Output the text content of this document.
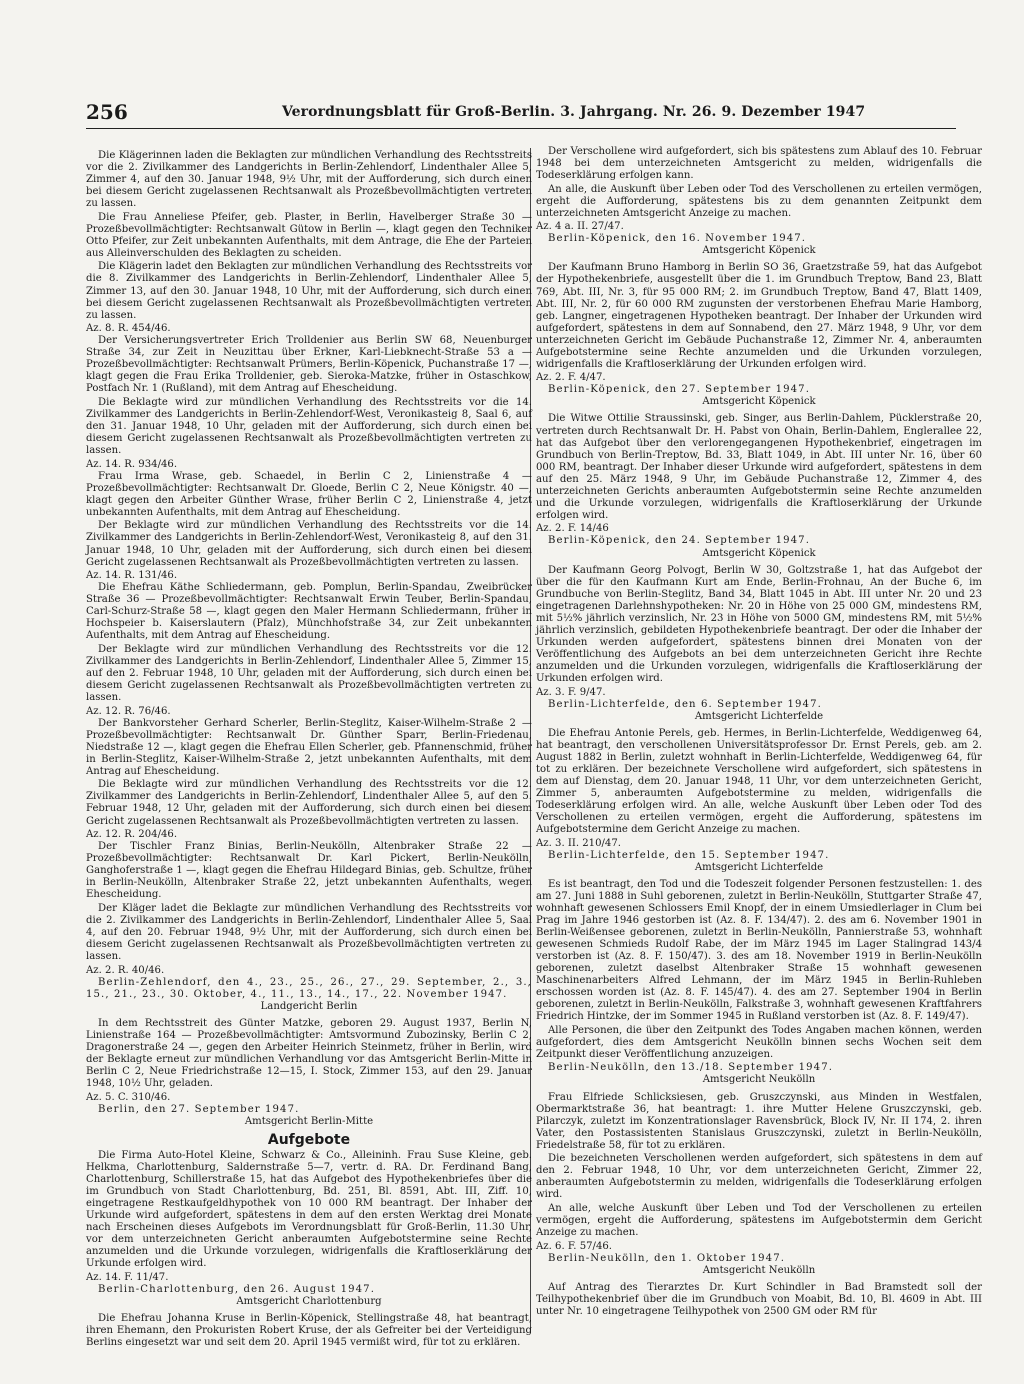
256	Verordnungsblatt für Groß-Berlin. 3. Jahrgang. Nr. 26. 9. Dezember 1947

Die Klägerinnen laden die Beklagten zur mündlichen Verhandlung des Rechtsstreits vor die 2. Zivilkammer des Landgerichts in Berlin-Zehlendorf, Lindenthaler Allee 5, Zimmer 4, auf den 30. Januar 1948, 9½ Uhr, mit der Aufforderung, sich durch einen bei diesem Gericht zugelassenen Rechtsanwalt als Prozeßbevollmächtigten vertreten zu lassen.

Die Frau Anneliese Pfeifer, geb. Plaster, in Berlin, Havelberger Straße 30 — Prozeßbevollmächtigter: Rechtsanwalt Gütow in Berlin —, klagt gegen den Techniker Otto Pfeifer, zur Zeit unbekannten Aufenthalts, mit dem Antrage, die Ehe der Parteien aus Alleinverschulden des Beklagten zu scheiden.

Die Klägerin ladet den Beklagten zur mündlichen Verhandlung des Rechtsstreits vor die 8. Zivilkammer des Landgerichts in Berlin-Zehlendorf, Lindenthaler Allee 5, Zimmer 13, auf den 30. Januar 1948, 10 Uhr, mit der Aufforderung, sich durch einen bei diesem Gericht zugelassenen Rechtsanwalt als Prozeßbevollmächtigten vertreten zu lassen.

Az. 8. R. 454/46.

Der Versicherungsvertreter Erich Trolldenier aus Berlin SW 68, Neuenburger Straße 34, zur Zeit in Neuzittau über Erkner, Karl-Liebknecht-Straße 53 a — Prozeßbevollmächtigter: Rechtsanwalt Prümers, Berlin-Köpenick, Puchanstraße 17 —, klagt gegen die Frau Erika Trolldenier, geb. Sieroka-Matzke, früher in Ostaschkow, Postfach Nr. 1 (Rußland), mit dem Antrag auf Ehescheidung.

Die Beklagte wird zur mündlichen Verhandlung des Rechtsstreits vor die 14. Zivilkammer des Landgerichts in Berlin-Zehlendorf-West, Veronikasteig 8, Saal 6, auf den 31. Januar 1948, 10 Uhr, geladen mit der Aufforderung, sich durch einen bei diesem Gericht zugelassenen Rechtsanwalt als Prozeßbevollmächtigten vertreten zu lassen.

Az. 14. R. 934/46.

Frau Irma Wrase, geb. Schaedel, in Berlin C 2, Linienstraße 4 — Prozeßbevollmächtigter: Rechtsanwalt Dr. Gloede, Berlin C 2, Neue Königstr. 40 —, klagt gegen den Arbeiter Günther Wrase, früher Berlin C 2, Linienstraße 4, jetzt unbekannten Aufenthalts, mit dem Antrag auf Ehescheidung.

Der Beklagte wird zur mündlichen Verhandlung des Rechtsstreits vor die 14. Zivilkammer des Landgerichts in Berlin-Zehlendorf-West, Veronikasteig 8, auf den 31. Januar 1948, 10 Uhr, geladen mit der Aufforderung, sich durch einen bei diesem Gericht zugelassenen Rechtsanwalt als Prozeßbevollmächtigten vertreten zu lassen.

Az. 14. R. 131/46.

Die Ehefrau Käthe Schliedermann, geb. Pomplun, Berlin-Spandau, Zweibrücker Straße 36 — Prozeßbevollmächtigter: Rechtsanwalt Erwin Teuber, Berlin-Spandau, Carl-Schurz-Straße 58 —, klagt gegen den Maler Hermann Schliedermann, früher in Hochspeier b. Kaiserslautern (Pfalz), Münchhofstraße 34, zur Zeit unbekannten Aufenthalts, mit dem Antrag auf Ehescheidung.

Der Beklagte wird zur mündlichen Verhandlung des Rechtsstreits vor die 12. Zivilkammer des Landgerichts in Berlin-Zehlendorf, Lindenthaler Allee 5, Zimmer 15, auf den 2. Februar 1948, 10 Uhr, geladen mit der Aufforderung, sich durch einen bei diesem Gericht zugelassenen Rechtsanwalt als Prozeßbevollmächtigten vertreten zu lassen.

Az. 12. R. 76/46.

Der Bankvorsteher Gerhard Scherler, Berlin-Steglitz, Kaiser-Wilhelm-Straße 2 — Prozeßbevollmächtigter: Rechtsanwalt Dr. Günther Sparr, Berlin-Friedenau, Niedstraße 12 —, klagt gegen die Ehefrau Ellen Scherler, geb. Pfannenschmid, früher in Berlin-Steglitz, Kaiser-Wilhelm-Straße 2, jetzt unbekannten Aufenthalts, mit dem Antrag auf Ehescheidung.

Die Beklagte wird zur mündlichen Verhandlung des Rechtsstreits vor die 12. Zivilkammer des Landgerichts in Berlin-Zehlendorf, Lindenthaler Allee 5, auf den 5. Februar 1948, 12 Uhr, geladen mit der Aufforderung, sich durch einen bei diesem Gericht zugelassenen Rechtsanwalt als Prozeßbevollmächtigten vertreten zu lassen.

Az. 12. R. 204/46.

Der Tischler Franz Binias, Berlin-Neukölln, Altenbraker Straße 22 — Prozeßbevollmächtigter: Rechtsanwalt Dr. Karl Pickert, Berlin-Neukölln, Ganghoferstraße 1 —, klagt gegen die Ehefrau Hildegard Binias, geb. Schultze, früher in Berlin-Neukölln, Altenbraker Straße 22, jetzt unbekannten Aufenthalts, wegen Ehescheidung.

Der Kläger ladet die Beklagte zur mündlichen Verhandlung des Rechtsstreits vor die 2. Zivilkammer des Landgerichts in Berlin-Zehlendorf, Lindenthaler Allee 5, Saal 4, auf den 20. Februar 1948, 9½ Uhr, mit der Aufforderung, sich durch einen bei diesem Gericht zugelassenen Rechtsanwalt als Prozeßbevollmächtigten vertreten zu lassen.

Az. 2. R. 40/46.

Berlin-Zehlendorf, den 4., 23., 25., 26., 27., 29. September, 2., 3., 15., 21., 23., 30. Oktober, 4., 11., 13., 14., 17., 22. November 1947.

Landgericht Berlin

In dem Rechtsstreit des Günter Matzke, geboren 29. August 1937, Berlin N, Linienstraße 164 — Prozeßbevollmächtigter: Amtsvormund Zubozinsky, Berlin C 2, Dragonerstraße 24 —, gegen den Arbeiter Heinrich Steinmetz, früher in Berlin, wird der Beklagte erneut zur mündlichen Verhandlung vor das Amtsgericht Berlin-Mitte in Berlin C 2, Neue Friedrichstraße 12—15, I. Stock, Zimmer 153, auf den 29. Januar 1948, 10½ Uhr, geladen.

Az. 5. C. 310/46.

Berlin, den 27. September 1947.

Amtsgericht Berlin-Mitte

Aufgebote

Die Firma Auto-Hotel Kleine, Schwarz & Co., Alleininh. Frau Suse Kleine, geb. Helkma, Charlottenburg, Saldernstraße 5—7, vertr. d. RA. Dr. Ferdinand Bang, Charlottenburg, Schillerstraße 15, hat das Aufgebot des Hypothekenbriefes über die im Grundbuch von Stadt Charlottenburg, Bd. 251, Bl. 8591, Abt. III, Ziff. 10, eingetragene Restkaufgeldhypothek von 10 000 RM beantragt. Der Inhaber der Urkunde wird aufgefordert, spätestens in dem auf den ersten Werktag drei Monate nach Erscheinen dieses Aufgebots im Verordnungsblatt für Groß-Berlin, 11.30 Uhr, vor dem unterzeichneten Gericht anberaumten Aufgebotstermine seine Rechte anzumelden und die Urkunde vorzulegen, widrigenfalls die Kraftloserklärung der Urkunde erfolgen wird.

Az. 14. F. 11/47.

Berlin-Charlottenburg, den 26. August 1947.

Amtsgericht Charlottenburg

Die Ehefrau Johanna Kruse in Berlin-Köpenick, Stellingstraße 48, hat beantragt, ihren Ehemann, den Prokuristen Robert Kruse, der als Gefreiter bei der Verteidigung Berlins eingesetzt war und seit dem 20. April 1945 vermißt wird, für tot zu erklären.

Der Verschollene wird aufgefordert, sich bis spätestens zum Ablauf des 10. Februar 1948 bei dem unterzeichneten Amtsgericht zu melden, widrigenfalls die Todeserklärung erfolgen kann.

An alle, die Auskunft über Leben oder Tod des Verschollenen zu erteilen vermögen, ergeht die Aufforderung, spätestens bis zu dem genannten Zeitpunkt dem unterzeichneten Amtsgericht Anzeige zu machen.

Az. 4 a. II. 27/47.

Berlin-Köpenick, den 16. November 1947.

Amtsgericht Köpenick

Der Kaufmann Bruno Hamborg in Berlin SO 36, Graetzstraße 59, hat das Aufgebot der Hypothekenbriefe, ausgestellt über die 1. im Grundbuch Treptow, Band 23, Blatt 769, Abt. III, Nr. 3, für 95 000 RM; 2. im Grundbuch Treptow, Band 47, Blatt 1409, Abt. III, Nr. 2, für 60 000 RM zugunsten der verstorbenen Ehefrau Marie Hamborg, geb. Langner, eingetragenen Hypotheken beantragt. Der Inhaber der Urkunden wird aufgefordert, spätestens in dem auf Sonnabend, den 27. März 1948, 9 Uhr, vor dem unterzeichneten Gericht im Gebäude Puchanstraße 12, Zimmer Nr. 4, anberaumten Aufgebotstermine seine Rechte anzumelden und die Urkunden vorzulegen, widrigenfalls die Kraftloserklärung der Urkunden erfolgen wird.

Az. 2. F. 4/47.

Berlin-Köpenick, den 27. September 1947.

Amtsgericht Köpenick

Die Witwe Ottilie Straussinski, geb. Singer, aus Berlin-Dahlem, Pücklerstraße 20, vertreten durch Rechtsanwalt Dr. H. Pabst von Ohain, Berlin-Dahlem, Englerallee 22, hat das Aufgebot über den verlorengegangenen Hypothekenbrief, eingetragen im Grundbuch von Berlin-Treptow, Bd. 33, Blatt 1049, in Abt. III unter Nr. 16, über 60 000 RM, beantragt. Der Inhaber dieser Urkunde wird aufgefordert, spätestens in dem auf den 25. März 1948, 9 Uhr, im Gebäude Puchanstraße 12, Zimmer 4, des unterzeichneten Gerichts anberaumten Aufgebotstermin seine Rechte anzumelden und die Urkunde vorzulegen, widrigenfalls die Kraftloserklärung der Urkunde erfolgen wird.

Az. 2. F. 14/46

Berlin-Köpenick, den 24. September 1947.

Amtsgericht Köpenick

Der Kaufmann Georg Polvogt, Berlin W 30, Goltzstraße 1, hat das Aufgebot der über die für den Kaufmann Kurt am Ende, Berlin-Frohnau, An der Buche 6, im Grundbuche von Berlin-Steglitz, Band 34, Blatt 1045 in Abt. III unter Nr. 20 und 23 eingetragenen Darlehnshypotheken: Nr. 20 in Höhe von 25 000 GM, mindestens RM, mit 5½% jährlich verzinslich, Nr. 23 in Höhe von 5000 GM, mindestens RM, mit 5½% jährlich verzinslich, gebildeten Hypothekenbriefe beantragt. Der oder die Inhaber der Urkunden werden aufgefordert, spätestens binnen drei Monaten von der Veröffentlichung des Aufgebots an bei dem unterzeichneten Gericht ihre Rechte anzumelden und die Urkunden vorzulegen, widrigenfalls die Kraftloserklärung der Urkunden erfolgen wird.

Az. 3. F. 9/47.

Berlin-Lichterfelde, den 6. September 1947.

Amtsgericht Lichterfelde

Die Ehefrau Antonie Perels, geb. Hermes, in Berlin-Lichterfelde, Weddigenweg 64, hat beantragt, den verschollenen Universitätsprofessor Dr. Ernst Perels, geb. am 2. August 1882 in Berlin, zuletzt wohnhaft in Berlin-Lichterfelde, Weddigenweg 64, für tot zu erklären. Der bezeichnete Verschollene wird aufgefordert, sich spätestens in dem auf Dienstag, dem 20. Januar 1948, 11 Uhr, vor dem unterzeichneten Gericht, Zimmer 5, anberaumten Aufgebotstermine zu melden, widrigenfalls die Todeserklärung erfolgen wird. An alle, welche Auskunft über Leben oder Tod des Verschollenen zu erteilen vermögen, ergeht die Aufforderung, spätestens im Aufgebotstermine dem Gericht Anzeige zu machen.

Az. 3. II. 210/47.

Berlin-Lichterfelde, den 15. September 1947.

Amtsgericht Lichterfelde

Es ist beantragt, den Tod und die Todeszeit folgender Personen festzustellen: 1. des am 27. Juni 1888 in Suhl geborenen, zuletzt in Berlin-Neukölln, Stuttgarter Straße 47, wohnhaft gewesenen Schlossers Emil Knopf, der in einem Umsiedlerlager in Clum bei Prag im Jahre 1946 gestorben ist (Az. 8. F. 134/47). 2. des am 6. November 1901 in Berlin-Weißensee geborenen, zuletzt in Berlin-Neukölln, Pannierstraße 53, wohnhaft gewesenen Schmieds Rudolf Rabe, der im März 1945 im Lager Stalingrad 143/4 verstorben ist (Az. 8. F. 150/47). 3. des am 18. November 1919 in Berlin-Neukölln geborenen, zuletzt daselbst Altenbraker Straße 15 wohnhaft gewesenen Maschinenarbeiters Alfred Lehmann, der im März 1945 in Berlin-Ruhleben erschossen worden ist (Az. 8. F. 145/47). 4. des am 27. September 1904 in Berlin geborenen, zuletzt in Berlin-Neukölln, Falkstraße 3, wohnhaft gewesenen Kraftfahrers Friedrich Hintzke, der im Sommer 1945 in Rußland verstorben ist (Az. 8. F. 149/47).

Alle Personen, die über den Zeitpunkt des Todes Angaben machen können, werden aufgefordert, dies dem Amtsgericht Neukölln binnen sechs Wochen seit dem Zeitpunkt dieser Veröffentlichung anzuzeigen.

Berlin-Neukölln, den 13./18. September 1947.

Amtsgericht Neukölln

Frau Elfriede Schlicksiesen, geb. Gruszczynski, aus Minden in Westfalen, Obermarktstraße 36, hat beantragt: 1. ihre Mutter Helene Gruszczynski, geb. Pilarczyk, zuletzt im Konzentrationslager Ravensbrück, Block IV, Nr. II 174, 2. ihren Vater, den Postassistenten Stanislaus Gruszczynski, zuletzt in Berlin-Neukölln, Friedelstraße 58, für tot zu erklären.

Die bezeichneten Verschollenen werden aufgefordert, sich spätestens in dem auf den 2. Februar 1948, 10 Uhr, vor dem unterzeichneten Gericht, Zimmer 22, anberaumten Aufgebotstermin zu melden, widrigenfalls die Todeserklärung erfolgen wird.

An alle, welche Auskunft über Leben und Tod der Verschollenen zu erteilen vermögen, ergeht die Aufforderung, spätestens im Aufgebotstermin dem Gericht Anzeige zu machen.

Az. 6. F. 57/46.

Berlin-Neukölln, den 1. Oktober 1947.

Amtsgericht Neukölln

Auf Antrag des Tierarztes Dr. Kurt Schindler in Bad Bramstedt soll der Teilhypothekenbrief über die im Grundbuch von Moabit, Bd. 10, Bl. 4609 in Abt. III unter Nr. 10 eingetragene Teilhypothek von 2500 GM oder RM für
